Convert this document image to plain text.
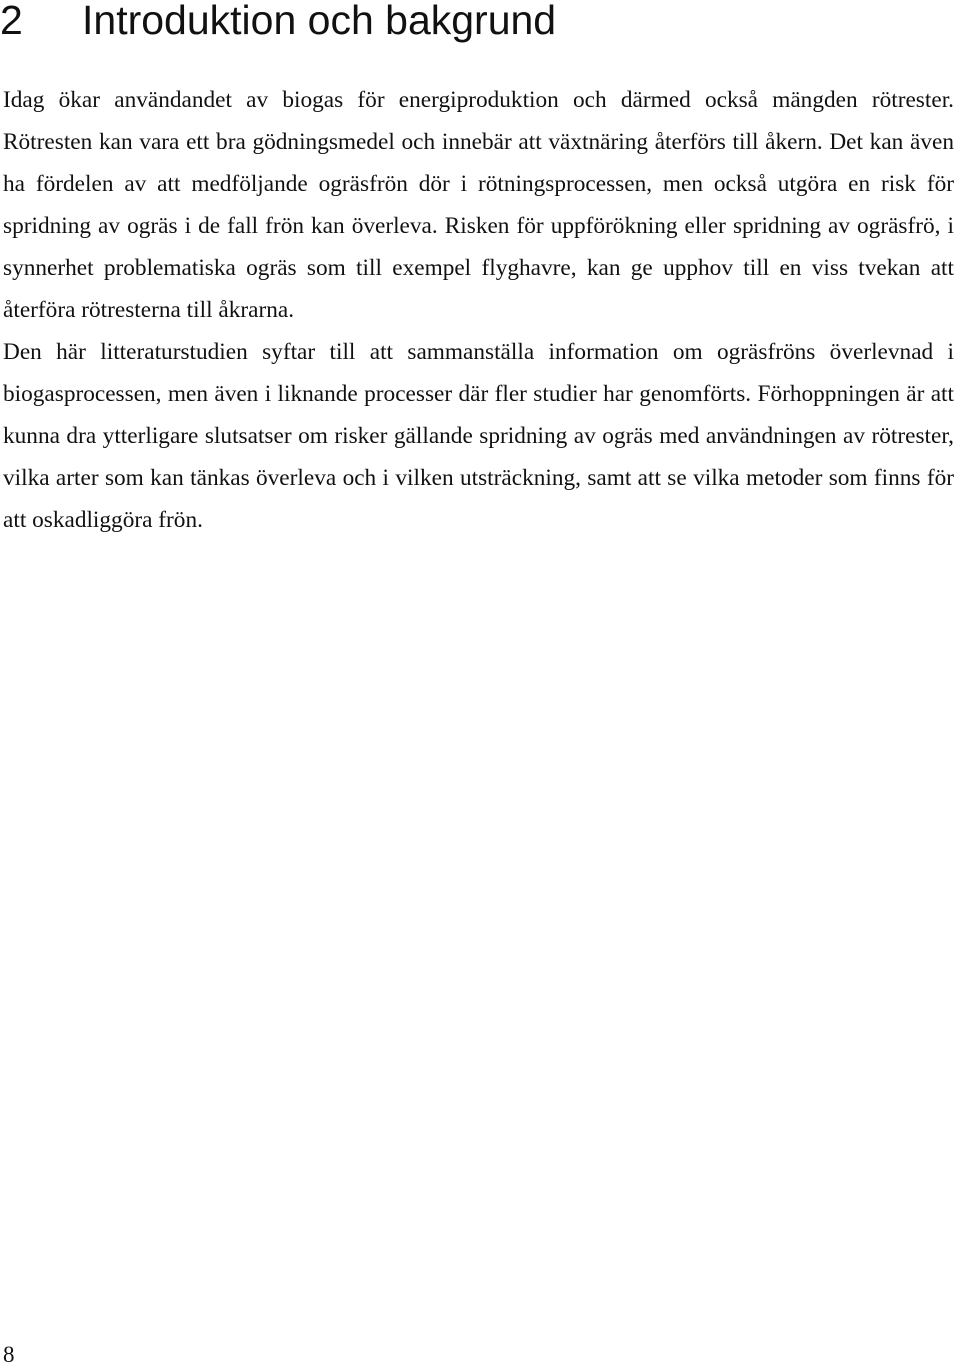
2 Introduktion och bakgrund

Idag ökar användandet av biogas för energiproduktion och därmed också mängden rötrester. Rötresten kan vara ett bra gödningsmedel och innebär att växtnäring återförs till åkern. Det kan även ha fördelen av att medföljande ogräsfrön dör i rötningsprocessen, men också utgöra en risk för spridning av ogräs i de fall frön kan överleva. Risken för uppförökning eller spridning av ogräsfrö, i synnerhet problematiska ogräs som till exempel flyghavre, kan ge upphov till en viss tvekan att återföra rötresterna till åkrarna.

Den här litteraturstudien syftar till att sammanställa information om ogräsfröns överlevnad i biogasprocessen, men även i liknande processer där fler studier har genomförts. Förhoppningen är att kunna dra ytterligare slutsatser om risker gällande spridning av ogräs med användningen av rötrester, vilka arter som kan tänkas överleva och i vilken utsträckning, samt att se vilka metoder som finns för att oskadliggöra frön.

8
